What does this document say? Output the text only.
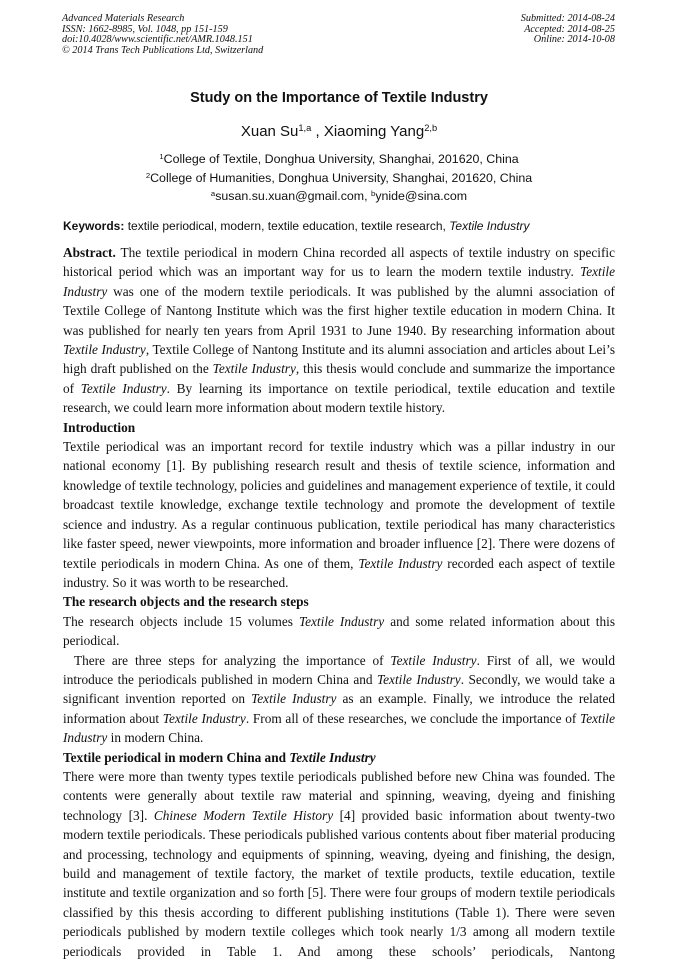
Advanced Materials Research
ISSN: 1662-8985, Vol. 1048, pp 151-159
doi:10.4028/www.scientific.net/AMR.1048.151
© 2014 Trans Tech Publications Ltd, Switzerland
Submitted: 2014-08-24
Accepted: 2014-08-25
Online: 2014-10-08
Study on the Importance of Textile Industry
Xuan Su$^{1,a}$ , Xiaoming Yang$^{2,b}$
$^1$College of Textile, Donghua University, Shanghai, 201620, China
$^2$College of Humanities, Donghua University, Shanghai, 201620, China
$^a$susan.su.xuan@gmail.com, $^b$ynide@sina.com
Keywords: textile periodical, modern, textile education, textile research, Textile Industry

Abstract. The textile periodical in modern China recorded all aspects of textile industry on specific historical period which was an important way for us to learn the modern textile industry. Textile Industry was one of the modern textile periodicals. It was published by the alumni association of Textile College of Nantong Institute which was the first higher textile education in modern China. It was published for nearly ten years from April 1931 to June 1940. By researching information about Textile Industry, Textile College of Nantong Institute and its alumni association and articles about Lei’s high draft published on the Textile Industry, this thesis would conclude and summarize the importance of Textile Industry. By learning its importance on textile periodical, textile education and textile research, we could learn more information about modern textile history.

Introduction

Textile periodical was an important record for textile industry which was a pillar industry in our national economy [1]. By publishing research result and thesis of textile science, information and knowledge of textile technology, policies and guidelines and management experience of textile, it could broadcast textile knowledge, exchange textile technology and promote the development of textile science and industry. As a regular continuous publication, textile periodical has many characteristics like faster speed, newer viewpoints, more information and broader influence [2]. There were dozens of textile periodicals in modern China. As one of them, Textile Industry recorded each aspect of textile industry. So it was worth to be researched.

The research objects and the research steps

The research objects include 15 volumes Textile Industry and some related information about this periodical.

There are three steps for analyzing the importance of Textile Industry. First of all, we would introduce the periodicals published in modern China and Textile Industry. Secondly, we would take a significant invention reported on Textile Industry as an example. Finally, we introduce the related information about Textile Industry. From all of these researches, we conclude the importance of Textile Industry in modern China.

Textile periodical in modern China and Textile Industry

There were more than twenty types textile periodicals published before new China was founded. The contents were generally about textile raw material and spinning, weaving, dyeing and finishing technology [3]. Chinese Modern Textile History [4] provided basic information about twenty-two modern textile periodicals. These periodicals published various contents about fiber material producing and processing, technology and equipments of spinning, weaving, dyeing and finishing, the design, build and management of textile factory, the market of textile products, textile education, textile institute and textile organization and so forth [5]. There were four groups of modern textile periodicals classified by this thesis according to different publishing institutions (Table 1). There were seven periodicals published by modern textile colleges which took nearly 1/3 among all modern textile periodicals provided in Table 1. And among these schools’ periodicals, Nantong
